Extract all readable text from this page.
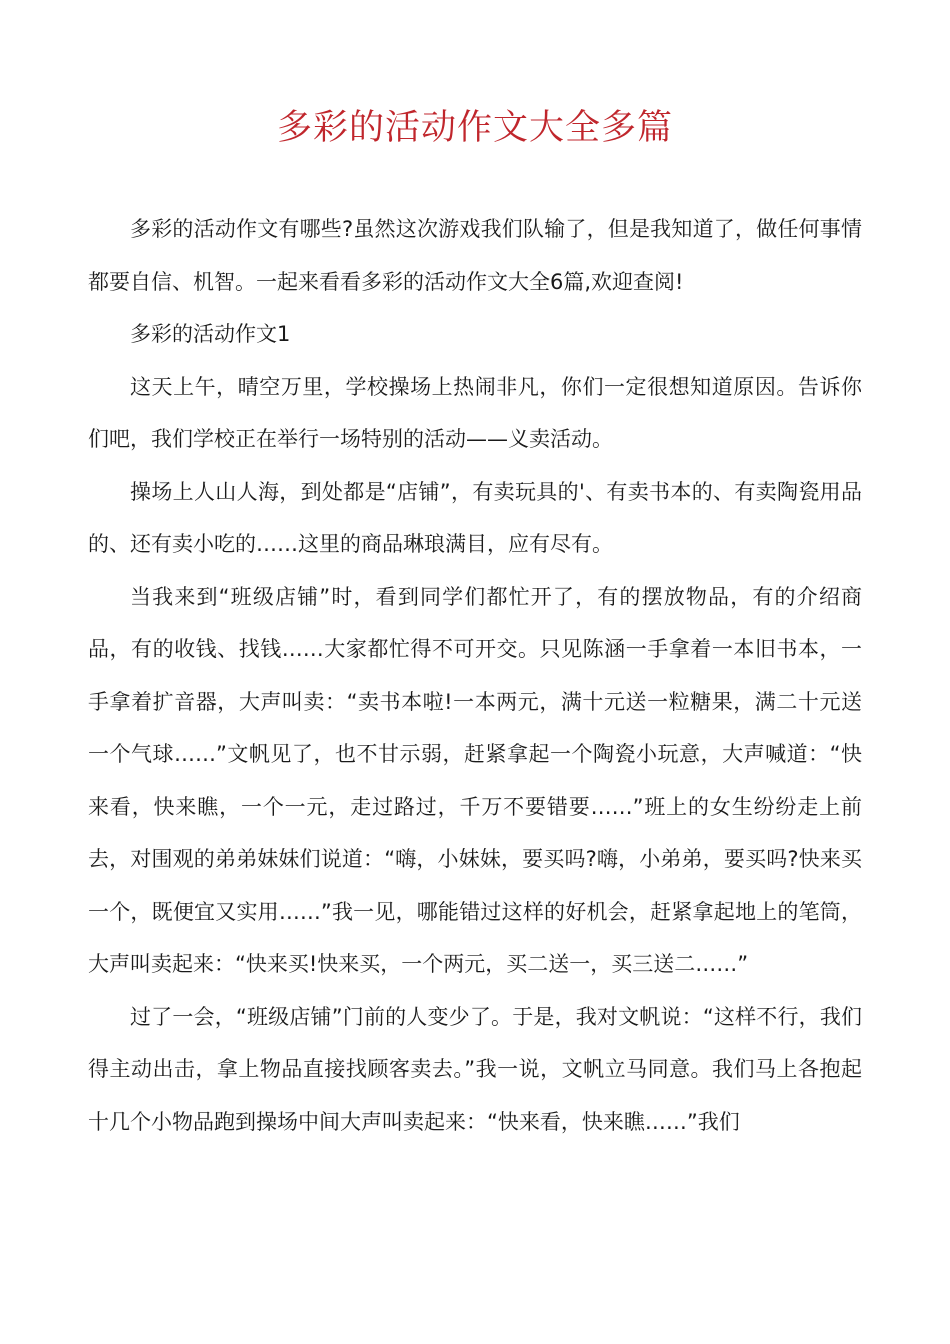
多彩的活动作文大全多篇

多彩的活动作文有哪些?虽然这次游戏我们队输了，但是我知道了，做任何事情都要自信、机智。一起来看看多彩的活动作文大全6篇,欢迎查阅!

多彩的活动作文1

这天上午，晴空万里，学校操场上热闹非凡，你们一定很想知道原因。告诉你们吧，我们学校正在举行一场特别的活动——义卖活动。

操场上人山人海，到处都是“店铺”，有卖玩具的'、有卖书本的、有卖陶瓷用品的、还有卖小吃的……这里的商品琳琅满目，应有尽有。

当我来到“班级店铺”时，看到同学们都忙开了，有的摆放物品，有的介绍商品，有的收钱、找钱……大家都忙得不可开交。只见陈涵一手拿着一本旧书本，一手拿着扩音器，大声叫卖：“卖书本啦!一本两元，满十元送一粒糖果，满二十元送一个气球……”文帆见了，也不甘示弱，赶紧拿起一个陶瓷小玩意，大声喊道：“快来看，快来瞧，一个一元，走过路过，千万不要错要……”班上的女生纷纷走上前去，对围观的弟弟妹妹们说道：“嗨，小妹妹，要买吗?嗨，小弟弟，要买吗?快来买一个，既便宜又实用……”我一见，哪能错过这样的好机会，赶紧拿起地上的笔筒，大声叫卖起来：“快来买!快来买，一个两元，买二送一，买三送二……”

过了一会，“班级店铺”门前的人变少了。于是，我对文帆说：“这样不行，我们得主动出击，拿上物品直接找顾客卖去。”我一说，文帆立马同意。我们马上各抱起十几个小物品跑到操场中间大声叫卖起来：“快来看，快来瞧……”我们
